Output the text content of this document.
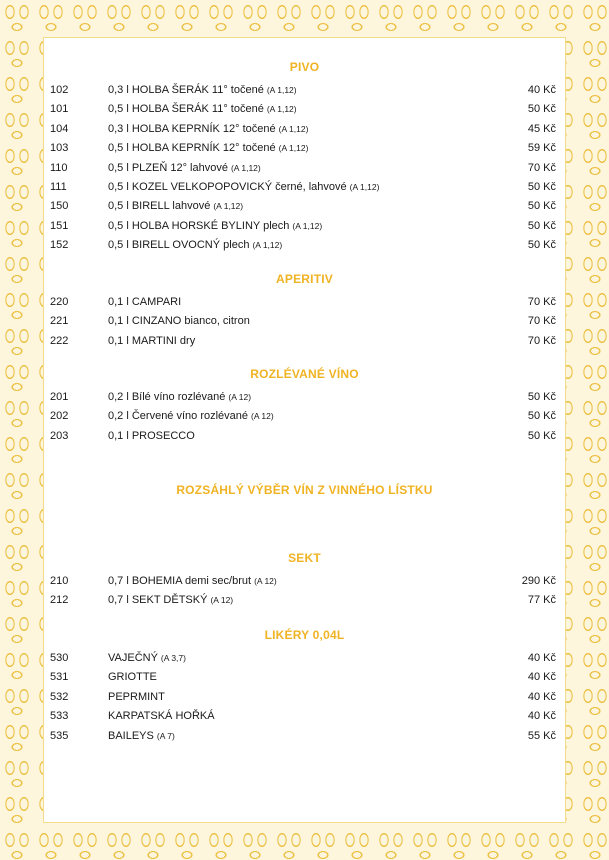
PIVO
102	0,3 l HOLBA ŠERÁK 11° točené (A 1,12)	40 Kč
101	0,5 l HOLBA ŠERÁK 11° točené (A 1,12)	50 Kč
104	0,3 l HOLBA KEPRNÍK 12° točené (A 1,12)	45 Kč
103	0,5 l HOLBA KEPRNÍK 12° točené (A 1,12)	59 Kč
110	0,5 l PLZEŇ 12° lahvové (A 1,12)	70 Kč
111	0,5 l KOZEL VELKOPOPOVICKÝ černé, lahvové (A 1,12)	50 Kč
150	0,5 l BIRELL lahvové (A 1,12)	50 Kč
151	0,5 l HOLBA HORSKÉ BYLINY plech (A 1,12)	50 Kč
152	0,5 l BIRELL OVOCNÝ plech (A 1,12)	50 Kč
APERITIV
220	0,1 l CAMPARI	70 Kč
221	0,1 l CINZANO bianco, citron	70 Kč
222	0,1 l MARTINI dry	70 Kč
ROZLÉVANÉ VÍNO
201	0,2 l Bílé víno rozlévané (A 12)	50 Kč
202	0,2 l Červené víno rozlévané (A 12)	50 Kč
203	0,1 l PROSECCO	50 Kč
ROZSÁHLÝ VÝBĚR VÍN Z VINNÉHO LÍSTKU
SEKT
210	0,7 l BOHEMIA demi sec/brut (A 12)	290 Kč
212	0,7 l SEKT DĚTSKÝ (A 12)	77 Kč
LIKÉRY 0,04L
530	VAJEČNÝ (A 3,7)	40 Kč
531	GRIOTTE	40 Kč
532	PEPRMINT	40 Kč
533	KARPATSKÁ HOŘKÁ	40 Kč
535	BAILEYS (A 7)	55 Kč
